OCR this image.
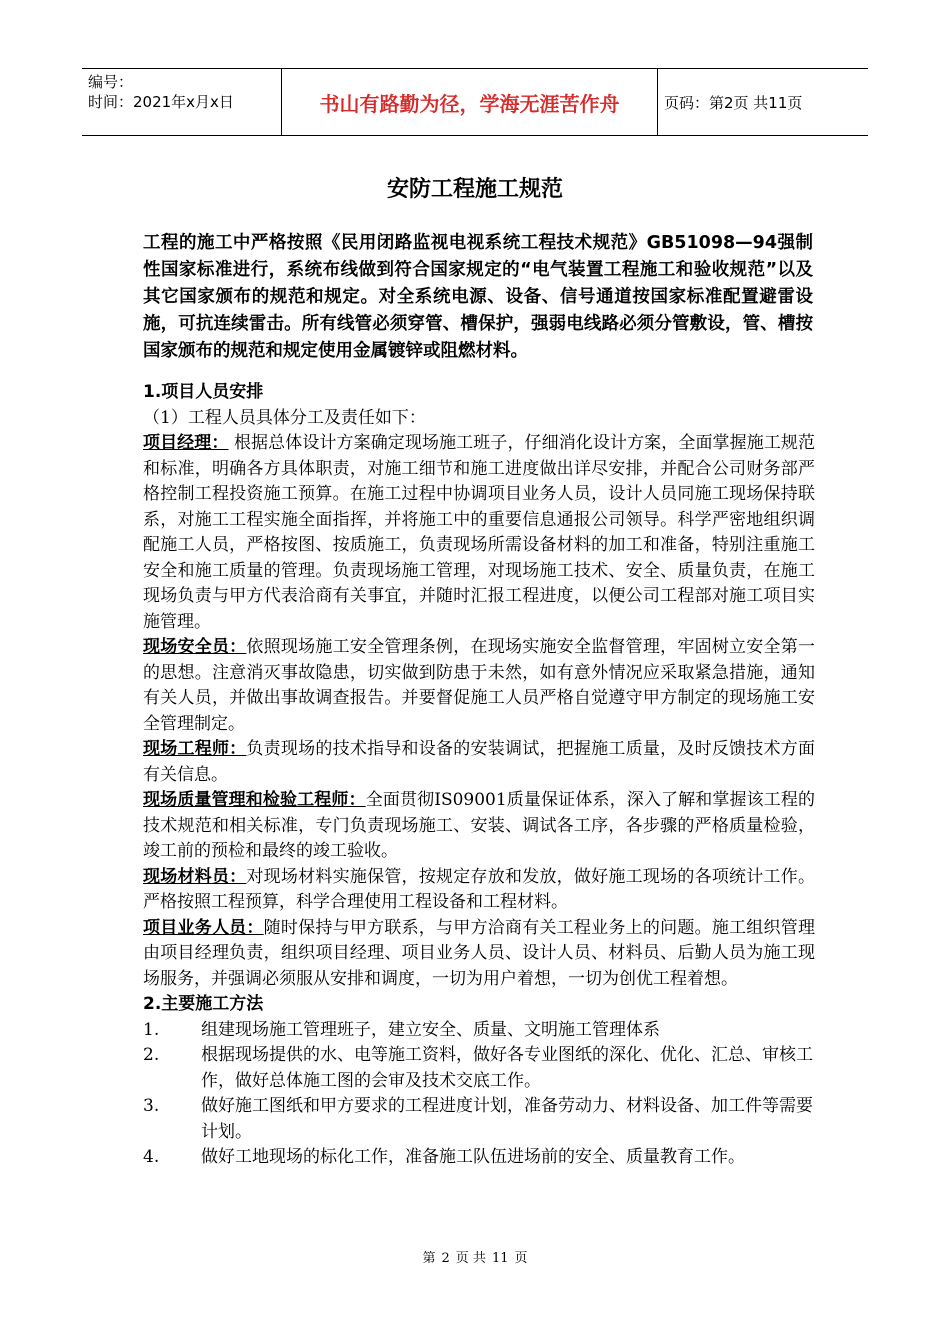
编号：
时间：2021年x月x日	书山有路勤为径，学海无涯苦作舟	页码：第2页 共11页
安防工程施工规范
工程的施工中严格按照《民用闭路监视电视系统工程技术规范》GB51098—94强制性国家标准进行，系统布线做到符合国家规定的“电气装置工程施工和验收规范”以及其它国家颁布的规范和规定。对全系统电源、设备、信号通道按国家标准配置避雷设施，可抗连续雷击。所有线管必须穿管、槽保护，强弱电线路必须分管敷设，管、槽按国家颁布的规范和规定使用金属镀锌或阻燃材料。

1.项目人员安排

（1）工程人员具体分工及责任如下：

项目经理： 根据总体设计方案确定现场施工班子，仔细消化设计方案，全面掌握施工规范和标准，明确各方具体职责，对施工细节和施工进度做出详尽安排，并配合公司财务部严格控制工程投资施工预算。在施工过程中协调项目业务人员，设计人员同施工现场保持联系，对施工工程实施全面指挥，并将施工中的重要信息通报公司领导。科学严密地组织调配施工人员，严格按图、按质施工，负责现场所需设备材料的加工和准备，特别注重施工安全和施工质量的管理。负责现场施工管理，对现场施工技术、安全、质量负责，在施工现场负责与甲方代表洽商有关事宜，并随时汇报工程进度，以便公司工程部对施工项目实施管理。

现场安全员：依照现场施工安全管理条例，在现场实施安全监督管理，牢固树立安全第一的思想。注意消灭事故隐患，切实做到防患于未然，如有意外情况应采取紧急措施，通知有关人员，并做出事故调查报告。并要督促施工人员严格自觉遵守甲方制定的现场施工安全管理制定。

现场工程师：负责现场的技术指导和设备的安装调试，把握施工质量，及时反馈技术方面有关信息。

现场质量管理和检验工程师：全面贯彻IS09001质量保证体系，深入了解和掌握该工程的技术规范和相关标准，专门负责现场施工、安装、调试各工序，各步骤的严格质量检验，竣工前的预检和最终的竣工验收。

现场材料员：对现场材料实施保管，按规定存放和发放，做好施工现场的各项统计工作。严格按照工程预算，科学合理使用工程设备和工程材料。

项目业务人员：随时保持与甲方联系，与甲方洽商有关工程业务上的问题。施工组织管理由项目经理负责，组织项目经理、项目业务人员、设计人员、材料员、后勤人员为施工现场服务，并强调必须服从安排和调度，一切为用户着想，一切为创优工程着想。

2.主要施工方法

1.	组建现场施工管理班子，建立安全、质量、文明施工管理体系
2.	根据现场提供的水、电等施工资料，做好各专业图纸的深化、优化、汇总、审核工作，做好总体施工图的会审及技术交底工作。
3.	做好施工图纸和甲方要求的工程进度计划，准备劳动力、材料设备、加工件等需要计划。
4.	做好工地现场的标化工作，准备施工队伍进场前的安全、质量教育工作。
第 2 页 共 11 页
